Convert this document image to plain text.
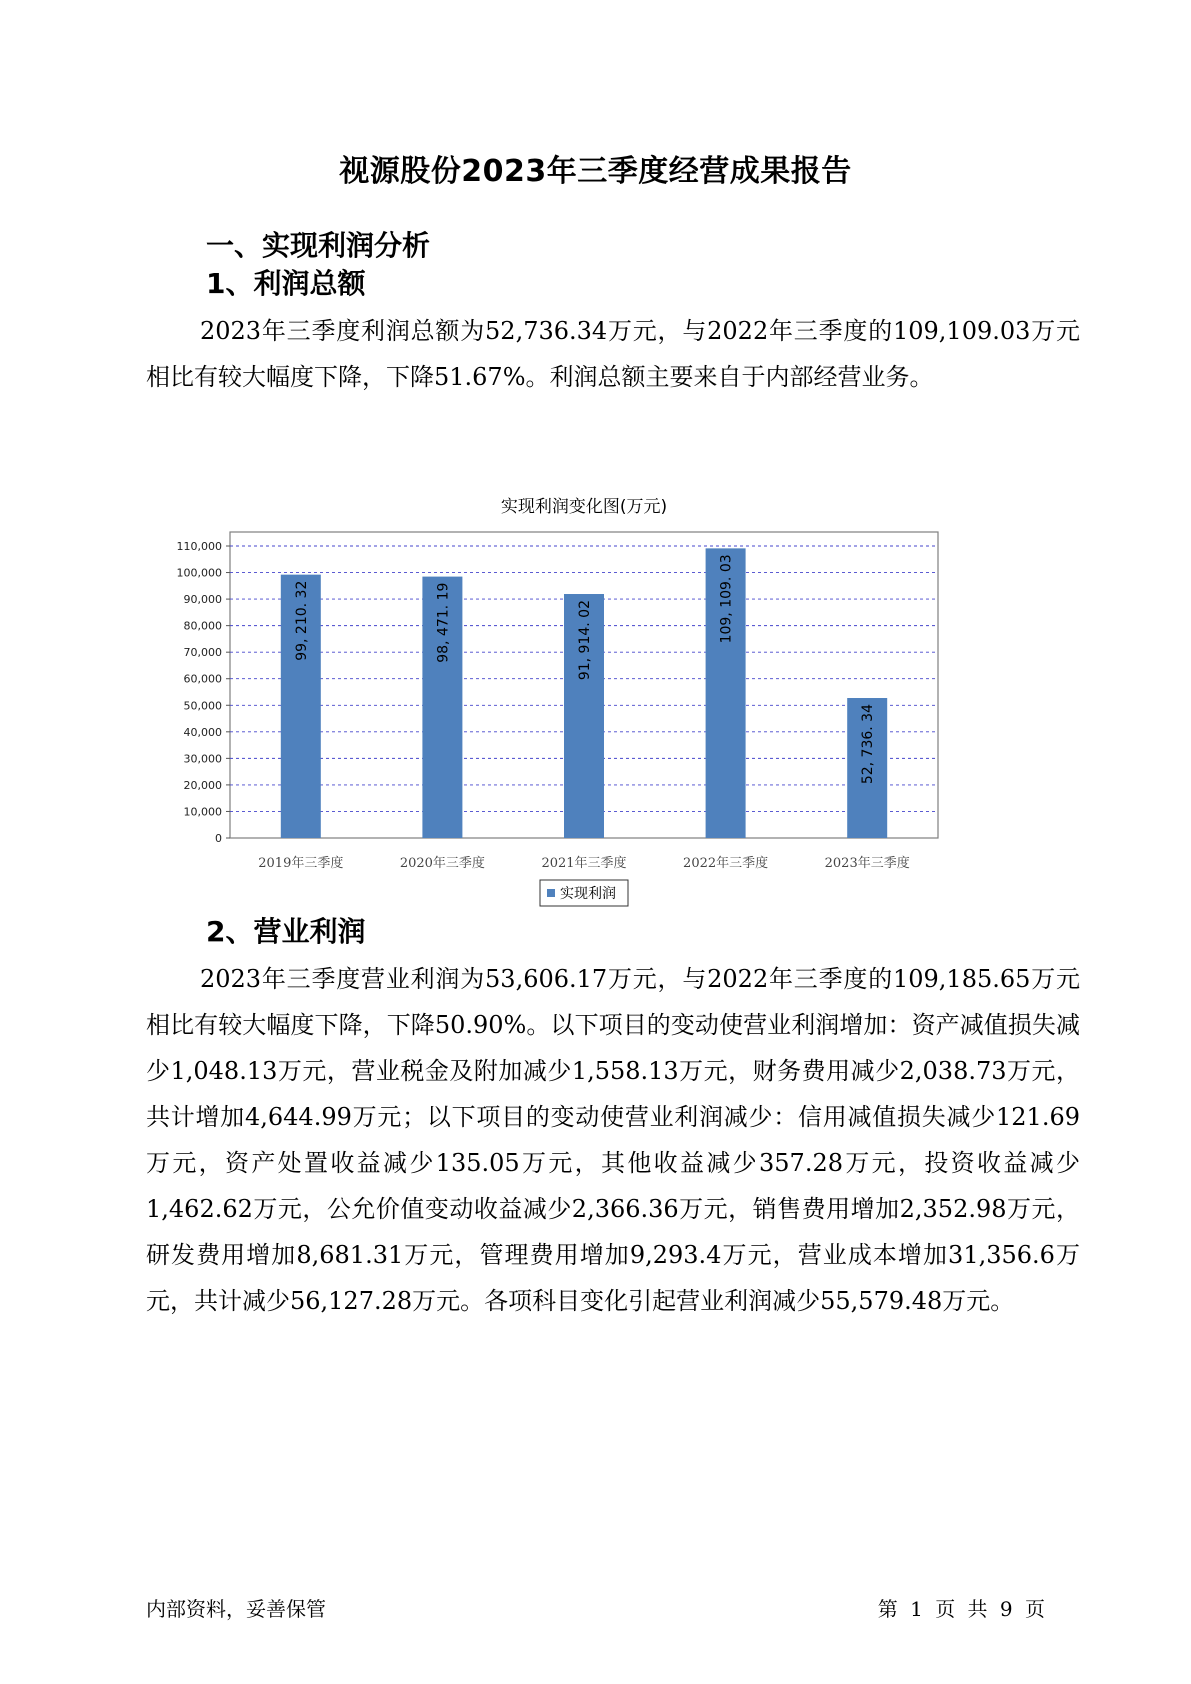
视源股份2023年三季度经营成果报告
一、实现利润分析
1、利润总额

2023年三季度利润总额为52,736.34万元，与2022年三季度的109,109.03万元相比有较大幅度下降，下降51.67%。利润总额主要来自于内部经营业务。

实现利润变化图(万元)
0
10,000
20,000
30,000
40,000
50,000
60,000
70,000
80,000
90,000
100,000
110,000
99, 210. 32
2019年三季度
98, 471. 19
2020年三季度
91, 914. 02
2021年三季度
109, 109. 03
2022年三季度
52, 736. 34
2023年三季度
实现利润
2、营业利润

2023年三季度营业利润为53,606.17万元，与2022年三季度的109,185.65万元相比有较大幅度下降，下降50.90%。以下项目的变动使营业利润增加：资产减值损失减少1,048.13万元，营业税金及附加减少1,558.13万元，财务费用减少2,038.73万元，共计增加4,644.99万元；以下项目的变动使营业利润减少：信用减值损失减少121.69万元，资产处置收益减少135.05万元，其他收益减少357.28万元，投资收益减少1,462.62万元，公允价值变动收益减少2,366.36万元，销售费用增加2,352.98万元，研发费用增加8,681.31万元，管理费用增加9,293.4万元，营业成本增加31,356.6万元，共计减少56,127.28万元。各项科目变化引起营业利润减少55,579.48万元。

内部资料，妥善保管	第 1 页 共 9 页
